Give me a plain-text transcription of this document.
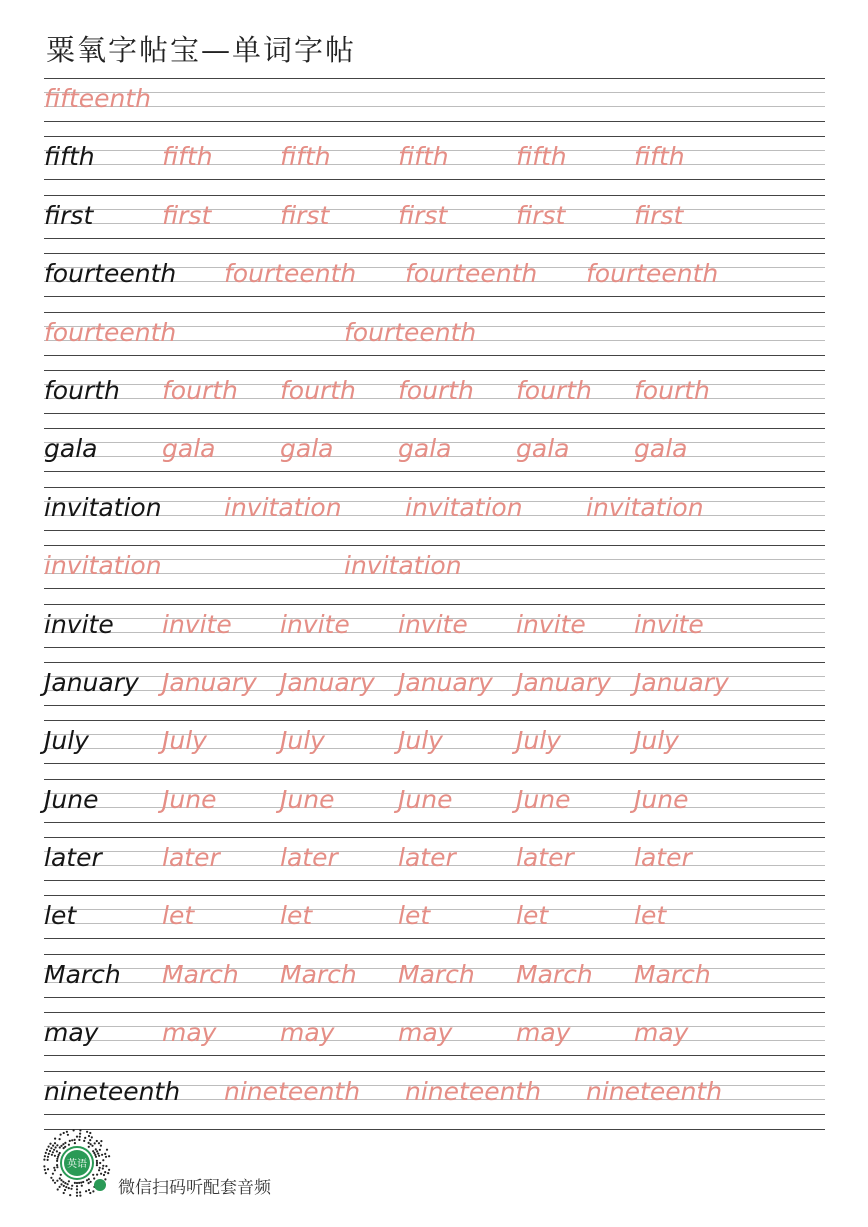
粟氧字帖宝—单词字帖
fifteenth
fifth	fifth	fifth	fifth	fifth	fifth
first	first	first	first	first	first
fourteenth fourteenth fourteenth fourteenth
fourteenth	fourteenth
fourth fourth fourth fourth fourth fourth
gala	gala	gala	gala	gala	gala
invitation invitation	invitation	invitation
invitation	invitation
invite invite invite invite invite invite
January January January January January January
July	July	July	July	July	July
June	June	June	June	June	June
later later later later later later
let	let	let	let	let	let
March March March March March March
may	may	may	may	may	may
nineteenth nineteenth nineteenth nineteenth
英语
微信扫码听配套音频
